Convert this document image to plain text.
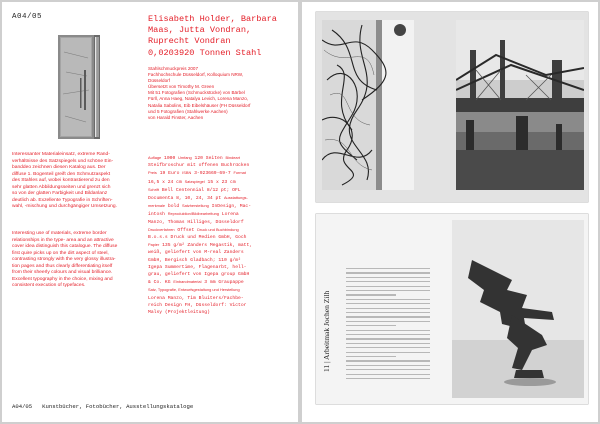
A04/05	Elisabeth Holder, Barbara
Maas, Jutta Vondran,
Ruprecht Vondran
0,0203920 Tonnen Stahl
Stahlschmuckpreis 2007
Fachhochschule Düsseldorf, Kolloquium NRW,
Düsseldorf
Übersetzt von Timothy M. Green
Mit 51 Fotografien (Schmuckstücke) von Bärbel
Fürll, Anna Haeg, Natalya Levich, Lorena Manzo,
Natalia Sabolins, Eib Eibelshäuser (FH Düsseldorf
und 5 Fotografien (Stahlwerke Aachen)
von Harald Finster, Aachen
Interessanter Materialeinsatz, extreme Rand-
verhältnisse des Satzspiegels und schöne Ein-
banddeo zeichnen diesen Katalog aus. Der
diffuse 1. Bogenteil greift den Schmutzaspekt
des Stahles auf, wobei kontrastierend zu den
sehr glatten Abbildungsseiten und grenzt sich
so von der glatten Farbigkeit und Bildanlanz
deutlich ab. Exzellente Typografie in Schriften-
wahl, -mischung und durchgängiger Umsetzung.
Interesting use of materials, extreme border
relationships in the type- area and an attractive
cover idea distinguish this catalogue. The diffuse
first quire picks up on the dirt aspect of steel,
contrasting strongly with the very glossy illustra-
tion pages and thus clearly differentiating itself
from their sheerly colours and visual brilliance.
Excellent typography in the choice, mixing and
consistent execution of typefaces.
Auflage 1000 Umfang 120 Seiten Bindeart
Steifbroschur mit offenen Buchrücken
Preis 19 Euro ISBN 3-923669-69-7 Format
16,5 x 24 cm Satzspiegel 15 x 23 cm
Schrift Bell Centennial 8/12 pt; OFL
Documenta 8, 10, 24, 34 pt Ausstattungs-
merkmale bold Satzherstellung InDesign, Mac-
intosh Reproduktion/Bildbearbeitung Lorena
Manzo, Thomas Hilliges, Düsseldorf
Druckverfahren Offset Druck und Buchbindung
B.o.s.s Druck und Medien GmbH, Goch
Papier 135 g/m² Zanders Megastik, matt,
weiß, geliefert von M-real Zanders
GmbH, Bergisch Gladbach; 110 g/m²
Igepa Summertime, Flagenarbt, hell-
grau, geliefert von Igepa group GmbH
& Co. KG Einbandmaterial 3 mm Graupappe
Satz, Typografie, Entwurfsgestaltung und Herstellung
Lorena Manzo, Tim Bluiters/Fachbe-
reich Design FH, Düsseldorf: Victor
Malsy (Projektleitung)
A04/05 Kunstbücher, Fotobücher, Ausstellungskataloge
11 | Arbeitmak Jochen Zilh
